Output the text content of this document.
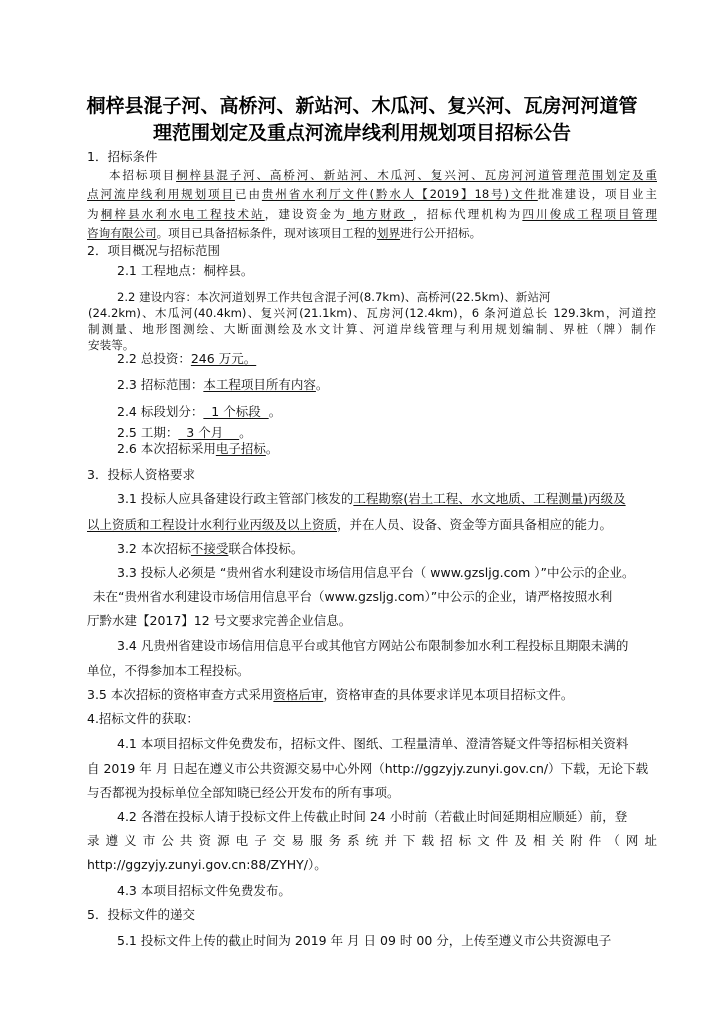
桐梓县混子河、高桥河、新站河、木瓜河、复兴河、瓦房河河道管
理范围划定及重点河流岸线利用规划项目招标公告
1．招标条件
本招标项目桐梓县混子河、高桥河、新站河、木瓜河、复兴河、瓦房河河道管理范围划定及重
点河流岸线利用规划项目已由贵州省水利厅文件(黔水人【2019】18号)文件批准建设，项目业主
为桐梓县水利水电工程技术站，建设资金为 地方财政 ，招标代理机构为四川俊成工程项目管理
咨询有限公司。项目已具备招标条件，现对该项目工程的划界进行公开招标。
2．项目概况与招标范围
2.1 工程地点：桐梓县。
2.2 建设内容：本次河道划界工作共包含混子河(8.7km)、高桥河(22.5km)、新站河
(24.2km)、木瓜河(40.4km)、复兴河(21.1km)、瓦房河(12.4km)，6 条河道总长 129.3km，河道控
制测量、地形图测绘、大断面测绘及水文计算、河道岸线管理与利用规划编制、界桩（牌）制作
安装等。
2.2 总投资：246 万元。
2.3 招标范围：本工程项目所有内容。
2.4 标段划分：  1 个标段  。
2.5 工期：  3 个月    。
2.6 本次招标采用电子招标。
3．投标人资格要求
3.1 投标人应具备建设行政主管部门核发的工程勘察(岩土工程、水文地质、工程测量)丙级及
以上资质和工程设计水利行业丙级及以上资质，并在人员、设备、资金等方面具备相应的能力。
3.2 本次招标不接受联合体投标。
3.3 投标人必须是 “贵州省水利建设市场信用信息平台（ www.gzsljg.com ）”中公示的企业。
未在“贵州省水利建设市场信用信息平台（www.gzsljg.com）”中公示的企业，请严格按照水利
厅黔水建【2017】12 号文要求完善企业信息。
3.4 凡贵州省建设市场信用信息平台或其他官方网站公布限制参加水利工程投标且期限未满的
单位，不得参加本工程投标。
3.5 本次招标的资格审查方式采用资格后审，资格审查的具体要求详见本项目招标文件。
4.招标文件的获取：
4.1 本项目招标文件免费发布，招标文件、图纸、工程量清单、澄清答疑文件等招标相关资料
自 2019 年 月 日起在遵义市公共资源交易中心外网（http://ggzyjy.zunyi.gov.cn/）下载，无论下载
与否都视为投标单位全部知晓已经公开发布的所有事项。
4.2 各潜在投标人请于投标文件上传截止时间 24 小时前（若截止时间延期相应顺延）前，登
录遵义市公共资源电子交易服务系统并下载招标文件及相关附件（网址
http://ggzyjy.zunyi.gov.cn:88/ZYHY/）。
4.3 本项目招标文件免费发布。
5．投标文件的递交
5.1 投标文件上传的截止时间为 2019 年 月 日 09 时 00 分，上传至遵义市公共资源电子
